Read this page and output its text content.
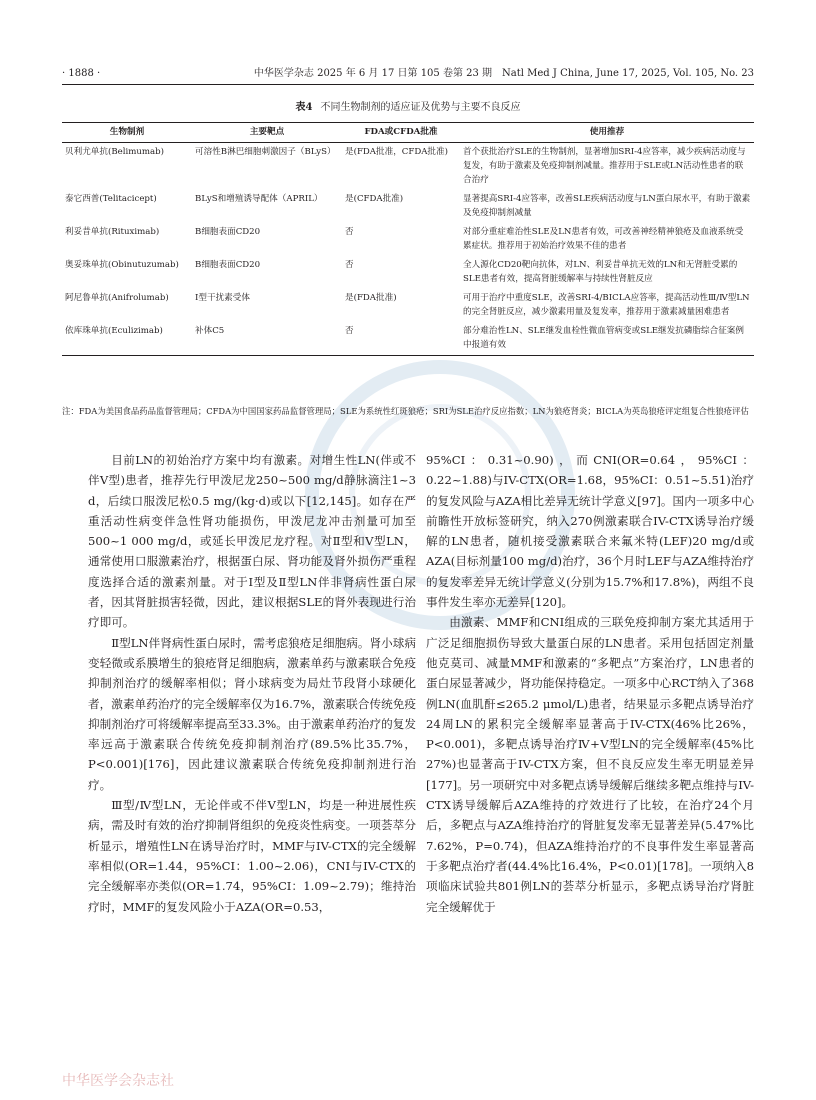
· 1888 ·	中华医学杂志 2025 年 6 月 17 日第 105 卷第 23 期　Natl Med J China, June 17, 2025, Vol. 105, No. 23
表4 不同生物制剂的适应证及优势与主要不良反应
生物制剂	主要靶点	FDA或CFDA批准	使用推荐
贝利尤单抗(Belimumab)	可溶性B淋巴细胞刺激因子（BLyS）	是(FDA批准，CFDA批准)	首个获批治疗SLE的生物制剂，显著增加SRI-4应答率，减少疾病活动度与复发，有助于激素及免疫抑制剂减量。推荐用于SLE或LN活动性患者的联合治疗
泰它西普(Telitacicept)	BLyS和增殖诱导配体（APRIL）	是(CFDA批准)	显著提高SRI-4应答率，改善SLE疾病活动度与LN蛋白尿水平，有助于激素及免疫抑制剂减量
利妥昔单抗(Rituximab)	B细胞表面CD20	否	对部分重症难治性SLE及LN患者有效，可改善神经精神狼疮及血液系统受累症状。推荐用于初始治疗效果不佳的患者
奥妥珠单抗(Obinutuzumab)	B细胞表面CD20	否	全人源化CD20靶向抗体，对LN、利妥昔单抗无效的LN和无肾脏受累的SLE患者有效，提高肾脏缓解率与持续性肾脏反应
阿尼鲁单抗(Anifrolumab)	Ⅰ型干扰素受体	是(FDA批准)	可用于治疗中重度SLE，改善SRI-4/BICLA应答率，提高活动性Ⅲ/Ⅳ型LN的完全肾脏反应，减少激素用量及复发率，推荐用于激素减量困难患者
依库珠单抗(Eculizimab)	补体C5	否	部分难治性LN、SLE继发血栓性微血管病变或SLE继发抗磷脂综合征案例中报道有效
注：FDA为美国食品药品监督管理局；CFDA为中国国家药品监督管理局；SLE为系统性红斑狼疮；SRI为SLE治疗反应指数；LN为狼疮肾炎；BICLA为英岛狼疮评定组复合性狼疮评估

目前LN的初始治疗方案中均有激素。对增生性LN(伴或不伴Ⅴ型)患者，推荐先行甲泼尼龙250~500 mg/d静脉滴注1~3 d，后续口服泼尼松0.5 mg/(kg·d)或以下[12,145]。如存在严重活动性病变伴急性肾功能损伤，甲泼尼龙冲击剂量可加至500~1 000 mg/d，或延长甲泼尼龙疗程。对Ⅱ型和Ⅴ型LN，通常使用口服激素治疗，根据蛋白尿、肾功能及肾外损伤严重程度选择合适的激素剂量。对于Ⅰ型及Ⅱ型LN伴非肾病性蛋白尿者，因其肾脏损害轻微，因此，建议根据SLE的肾外表现进行治疗即可。

Ⅱ型LN伴肾病性蛋白尿时，需考虑狼疮足细胞病。肾小球病变轻微或系膜增生的狼疮肾足细胞病，激素单药与激素联合免疫抑制剂治疗的缓解率相似；肾小球病变为局灶节段肾小球硬化者，激素单药治疗的完全缓解率仅为16.7%，激素联合传统免疫抑制剂治疗可将缓解率提高至33.3%。由于激素单药治疗的复发率远高于激素联合传统免疫抑制剂治疗(89.5%比35.7%，P<0.001)[176]，因此建议激素联合传统免疫抑制剂进行治疗。

Ⅲ型/Ⅳ型LN，无论伴或不伴Ⅴ型LN，均是一种进展性疾病，需及时有效的治疗抑制肾组织的免疫炎性病变。一项荟萃分析显示，增殖性LN在诱导治疗时，MMF与IV-CTX的完全缓解率相似(OR=1.44，95%CI：1.00~2.06)，CNI与IV-CTX的完全缓解率亦类似(OR=1.74，95%CI：1.09~2.79)；维持治疗时，MMF的复发风险小于AZA(OR=0.53，

95%CI：0.31~0.90)，而CNI(OR=0.64，95%CI：0.22~1.88)与IV-CTX(OR=1.68，95%CI：0.51~5.51)治疗的复发风险与AZA相比差异无统计学意义[97]。国内一项多中心前瞻性开放标签研究，纳入270例激素联合IV-CTX诱导治疗缓解的LN患者，随机接受激素联合来氟米特(LEF)20 mg/d或AZA(目标剂量100 mg/d)治疗，36个月时LEF与AZA维持治疗的复发率差异无统计学意义(分别为15.7%和17.8%)，两组不良事件发生率亦无差异[120]。

由激素、MMF和CNI组成的三联免疫抑制方案尤其适用于广泛足细胞损伤导致大量蛋白尿的LN患者。采用包括固定剂量他克莫司、减量MMF和激素的“多靶点”方案治疗，LN患者的蛋白尿显著减少，肾功能保持稳定。一项多中心RCT纳入了368例LN(血肌酐≤265.2 μmol/L)患者，结果显示多靶点诱导治疗24周LN的累积完全缓解率显著高于IV-CTX(46%比26%，P<0.001)，多靶点诱导治疗Ⅳ+Ⅴ型LN的完全缓解率(45%比27%)也显著高于IV-CTX方案，但不良反应发生率无明显差异[177]。另一项研究中对多靶点诱导缓解后继续多靶点维持与IV-CTX诱导缓解后AZA维持的疗效进行了比较，在治疗24个月后，多靶点与AZA维持治疗的肾脏复发率无显著差异(5.47%比7.62%，P=0.74)，但AZA维持治疗的不良事件发生率显著高于多靶点治疗者(44.4%比16.4%，P<0.01)[178]。一项纳入8项临床试验共801例LN的荟萃分析显示，多靶点诱导治疗肾脏完全缓解优于

中华医学会杂志社
